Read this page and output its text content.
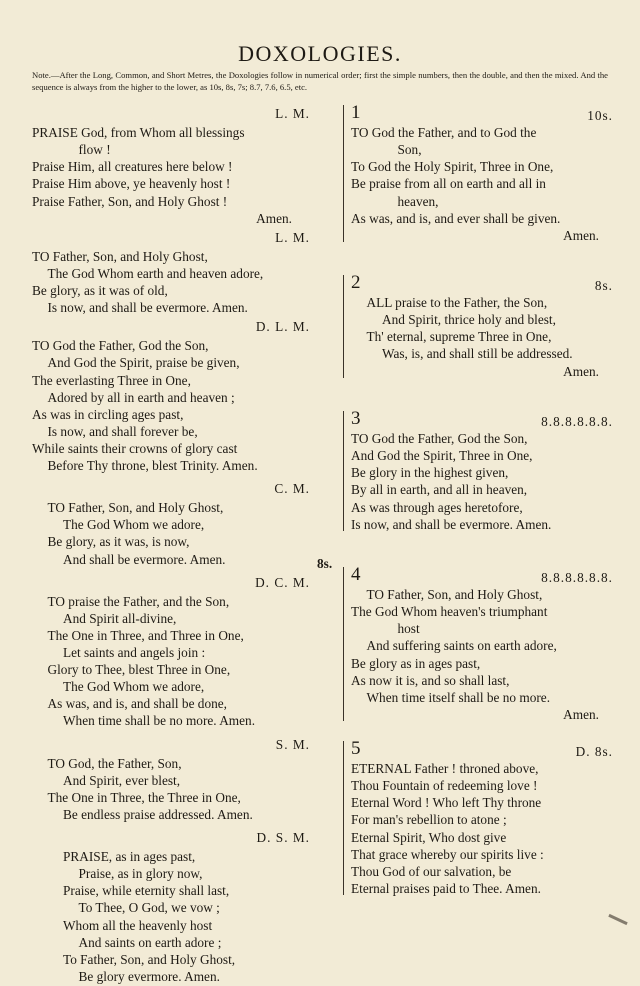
DOXOLOGIES.
Note.—After the Long, Common, and Short Metres, the Doxologies follow in numerical order; first the simple numbers, then the double, and then the mixed. And the sequence is always from the higher to the lower, as 10s, 8s, 7s; 8.7, 7.6, 6.5, etc.
L. M.
PRAISE God, from Whom all blessings
flow !
Praise Him, all creatures here below !
Praise Him above, ye heavenly host !
Praise Father, Son, and Holy Ghost !
Amen.
L. M.
TO Father, Son, and Holy Ghost,
The God Whom earth and heaven adore,
Be glory, as it was of old,
Is now, and shall be evermore. Amen.
D. L. M.
TO God the Father, God the Son,
And God the Spirit, praise be given,
The everlasting Three in One,
Adored by all in earth and heaven ;
As was in circling ages past,
Is now, and shall forever be,
While saints their crowns of glory cast
Before Thy throne, blest Trinity. Amen.
C. M.
TO Father, Son, and Holy Ghost,
The God Whom we adore,
Be glory, as it was, is now,
And shall be evermore. Amen.
D. C. M.
TO praise the Father, and the Son,
And Spirit all-divine,
The One in Three, and Three in One,
Let saints and angels join :
Glory to Thee, blest Three in One,
The God Whom we adore,
As was, and is, and shall be done,
When time shall be no more. Amen.
S. M.
TO God, the Father, Son,
And Spirit, ever blest,
The One in Three, the Three in One,
Be endless praise addressed. Amen.
D. S. M.
PRAISE, as in ages past,
Praise, as in glory now,
Praise, while eternity shall last,
To Thee, O God, we vow ;
Whom all the heavenly host
And saints on earth adore ;
To Father, Son, and Holy Ghost,
Be glory evermore. Amen.
8s.
1	10s.
TO God the Father, and to God the
Son,
To God the Holy Spirit, Three in One,
Be praise from all on earth and all in
heaven,
As was, and is, and ever shall be given.
Amen.
2	8s.
ALL praise to the Father, the Son,
And Spirit, thrice holy and blest,
Th' eternal, supreme Three in One,
Was, is, and shall still be addressed.
Amen.
3	8.8.8.8.8.8.
TO God the Father, God the Son,
And God the Spirit, Three in One,
Be glory in the highest given,
By all in earth, and all in heaven,
As was through ages heretofore,
Is now, and shall be evermore. Amen.
4	8.8.8.8.8.8.
TO Father, Son, and Holy Ghost,
The God Whom heaven's triumphant
host
And suffering saints on earth adore,
Be glory as in ages past,
As now it is, and so shall last,
When time itself shall be no more.
Amen.
5	D. 8s.
ETERNAL Father ! throned above,
Thou Fountain of redeeming love !
Eternal Word ! Who left Thy throne
For man's rebellion to atone ;
Eternal Spirit, Who dost give
That grace whereby our spirits live :
Thou God of our salvation, be
Eternal praises paid to Thee. Amen.
